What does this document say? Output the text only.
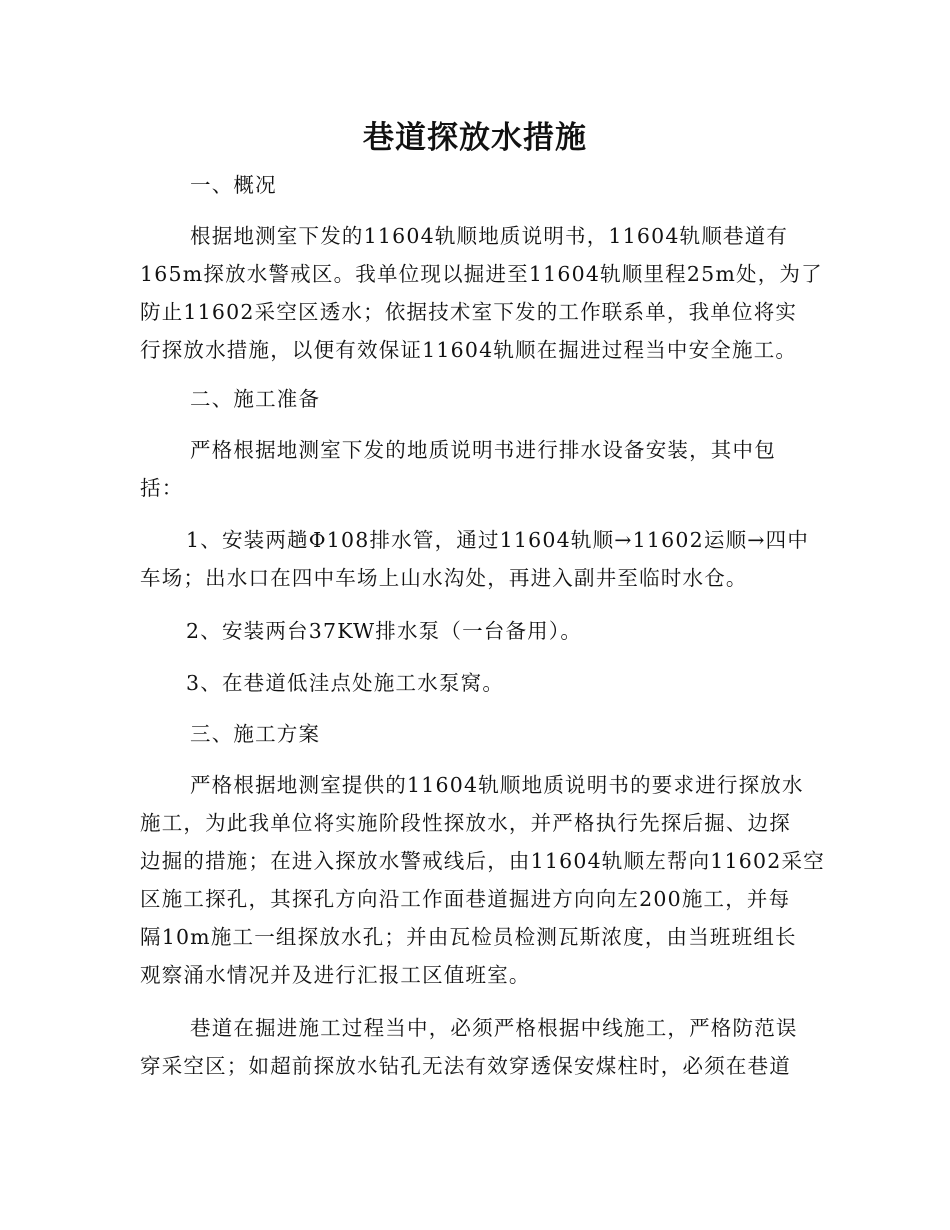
巷道探放水措施
一、概况
根据地测室下发的11604轨顺地质说明书，11604轨顺巷道有
165m探放水警戒区。我单位现以掘进至11604轨顺里程25m处，为了
防止11602采空区透水；依据技术室下发的工作联系单，我单位将实
行探放水措施，以便有效保证11604轨顺在掘进过程当中安全施工。
二、施工准备
严格根据地测室下发的地质说明书进行排水设备安装，其中包
括：
1、安装两趟Φ108排水管，通过11604轨顺→11602运顺→四中
车场；出水口在四中车场上山水沟处，再进入副井至临时水仓。
2、安装两台37KW排水泵（一台备用）。
3、在巷道低洼点处施工水泵窝。
三、施工方案
严格根据地测室提供的11604轨顺地质说明书的要求进行探放水
施工，为此我单位将实施阶段性探放水，并严格执行先探后掘、边探
边掘的措施；在进入探放水警戒线后，由11604轨顺左帮向11602采空
区施工探孔，其探孔方向沿工作面巷道掘进方向向左200施工，并每
隔10m施工一组探放水孔；并由瓦检员检测瓦斯浓度，由当班班组长
观察涌水情况并及进行汇报工区值班室。
巷道在掘进施工过程当中，必须严格根据中线施工，严格防范误
穿采空区；如超前探放水钻孔无法有效穿透保安煤柱时，必须在巷道
